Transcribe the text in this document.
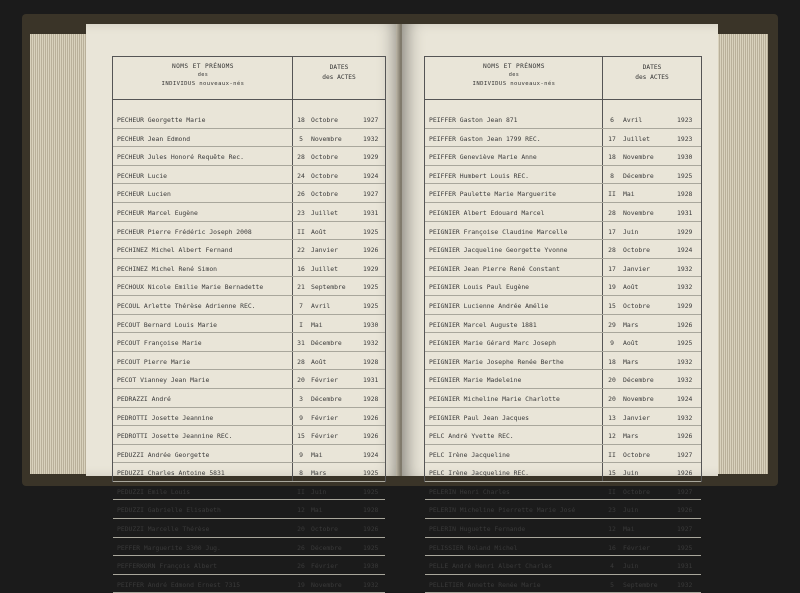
NOMS ET PRÉNOMS
des
INDIVIDUS nouveaux-nés
DATES
des ACTES
PECHEUR Georgette Marie	18 Octobre	1927
PECHEUR Jean Edmond	5	Novembre	1932
PECHEUR Jules Honoré Requête Rec.	28 Octobre	1929
PECHEUR Lucie	24 Octobre	1924
PECHEUR Lucien	26 Octobre	1927
PECHEUR Marcel Eugène	23 Juillet	1931
PECHEUR Pierre Frédéric Joseph 2008	II Août	1925
PECHINEZ Michel Albert Fernand	22 Janvier	1926
PECHINEZ Michel René Simon	16 Juillet	1929
PECHOUX Nicole Emilie Marie Bernadette	21 Septembre	1925
PECOUL Arlette Thérèse Adrienne REC.	7	Avril	1925
PECOUT Bernard Louis Marie	I	Mai	1930
PECOUT Françoise Marie	31 Décembre	1932
PECOUT Pierre Marie	28 Août	1928
PECOT Vianney Jean Marie	20 Février	1931
PEDRAZZI André	3	Décembre	1928
PEDROTTI Josette Jeannine	9	Février	1926
PEDROTTI Josette Jeannine REC.	15 Février	1926
PEDUZZI Andrée Georgette	9	Mai	1924
PEDUZZI Charles Antoine 5831	8	Mars	1925
PEDUZZI Emile Louis	II Juin	1925
PEDUZZI Gabrielle Elisabeth	12 Mai	1928
PEDUZZI Marcelle Thérèse	20 Octobre	1926
PEFFER Marguerite 3300 Jug.	26 Décembre	1925
PEFFERKORN François Albert	26 Février	1930
PEIFFER André Edmond Ernest 7315	19 Novembre	1932
NOMS ET PRÉNOMS
des
INDIVIDUS nouveaux-nés
DATES
des ACTES
PEIFFER Gaston Jean 871	6	Avril	1923
PEIFFER Gaston Jean 1799 REC.	17	Juillet	1923
PEIFFER Geneviève Marie Anne	18	Novembre	1930
PEIFFER Humbert Louis REC.	8	Décembre	1925
PEIFFER Paulette Marie Marguerite	II	Mai	1928
PEIGNIER Albert Edouard Marcel	28	Novembre	1931
PEIGNIER Françoise Claudine Marcelle	17	Juin	1929
PEIGNIER Jacqueline Georgette Yvonne	28	Octobre	1924
PEIGNIER Jean Pierre René Constant	17	Janvier	1932
PEIGNIER Louis Paul Eugène	19	Août	1932
PEIGNIER Lucienne Andrée Amélie	15	Octobre	1929
PEIGNIER Marcel Auguste 1881	29	Mars	1926
PEIGNIER Marie Gérard Marc Joseph	9	Août	1925
PEIGNIER Marie Josephe Renée Berthe	18	Mars	1932
PEIGNIER Marie Madeleine	20	Décembre	1932
PEIGNIER Micheline Marie Charlotte	20	Novembre	1924
PEIGNIER Paul Jean Jacques	13	Janvier	1932
PELC André Yvette REC.	12	Mars	1926
PELC Irène Jacqueline	II	Octobre	1927
PELC Irène Jacqueline REC.	15	Juin	1926
PELERIN Henri Charles	II	Octobre	1927
PELERIN Micheline Pierrette Marie José	23	Juin	1926
PELERIN Huguette Fernande	12	Mai	1927
PELISSIER Roland Michel	16	Février	1925
PELLE André Henri Albert Charles	4	Juin	1931
PELLETIER Annette Renée Marie	5	Septembre	1932
